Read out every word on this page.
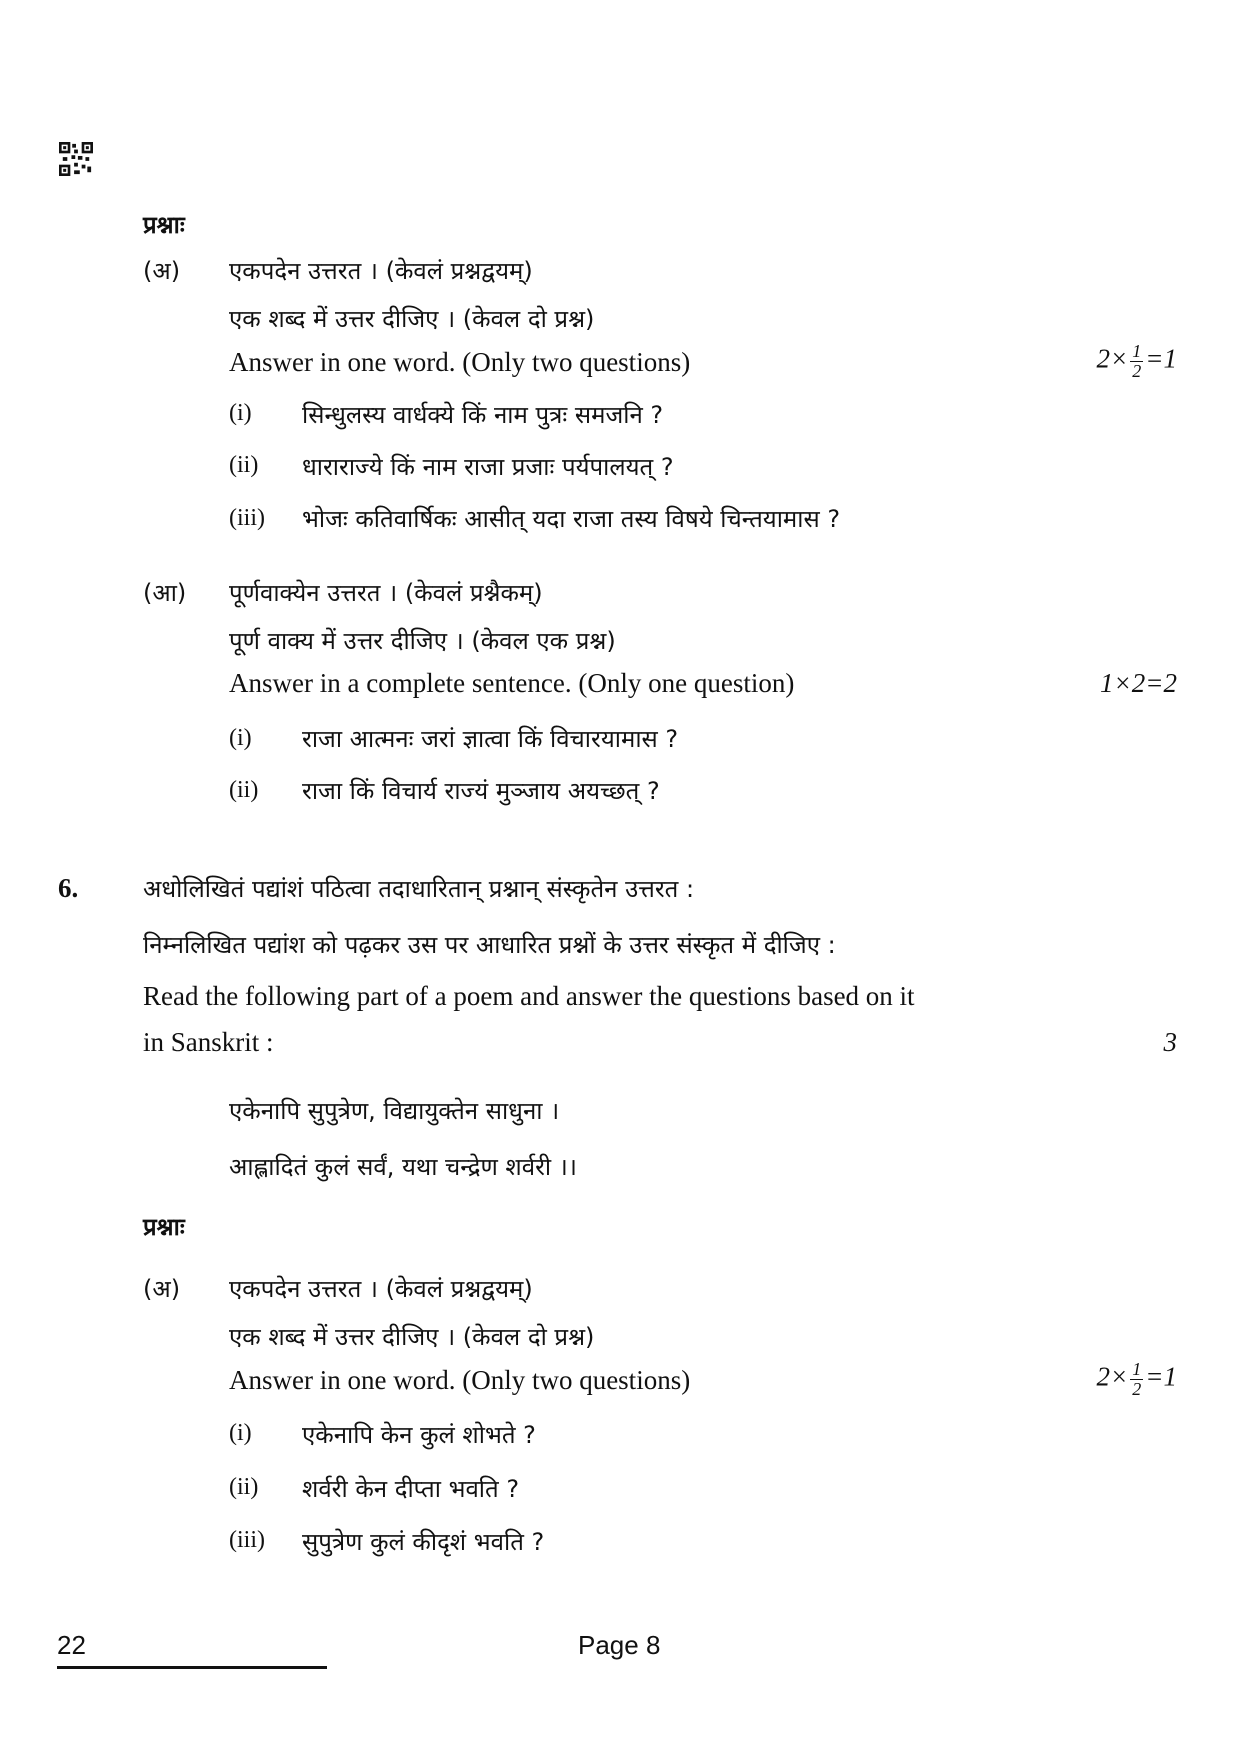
प्रश्नाः
(अ) एकपदेन उत्तरत । (केवलं प्रश्नद्वयम्)
एक शब्द में उत्तर दीजिए । (केवल दो प्रश्न)
Answer in one word. (Only two questions)	$2\times \frac{1}{2} =1$
(i) सिन्धुलस्य वार्धक्ये किं नाम पुत्रः समजनि ?
(ii) धाराराज्ये किं नाम राजा प्रजाः पर्यपालयत् ?
(iii) भोजः कतिवार्षिकः आसीत् यदा राजा तस्य विषये चिन्तयामास ?
(आ) पूर्णवाक्येन उत्तरत । (केवलं प्रश्नैकम्)
पूर्ण वाक्य में उत्तर दीजिए । (केवल एक प्रश्न)
Answer in a complete sentence. (Only one question)	1×2=2
(i) राजा आत्मनः जरां ज्ञात्वा किं विचारयामास ?
(ii) राजा किं विचार्य राज्यं मुञ्जाय अयच्छत् ?
6.	अधोलिखितं पद्यांशं पठित्वा तदाधारितान् प्रश्नान् संस्कृतेन उत्तरत :
निम्नलिखित पद्यांश को पढ़कर उस पर आधारित प्रश्नों के उत्तर संस्कृत में दीजिए :
Read the following part of a poem and answer the questions based on it
in Sanskrit :	3
एकेनापि सुपुत्रेण, विद्यायुक्तेन साधुना ।
आह्लादितं कुलं सर्वं, यथा चन्द्रेण शर्वरी ।।
प्रश्नाः
(अ) एकपदेन उत्तरत । (केवलं प्रश्नद्वयम्)
एक शब्द में उत्तर दीजिए । (केवल दो प्रश्न)
Answer in one word. (Only two questions)	$2\times \frac{1}{2} =1$
(i) एकेनापि केन कुलं शोभते ?
(ii) शर्वरी केन दीप्ता भवति ?
(iii) सुपुत्रेण कुलं कीदृशं भवति ?
22	Page 8
